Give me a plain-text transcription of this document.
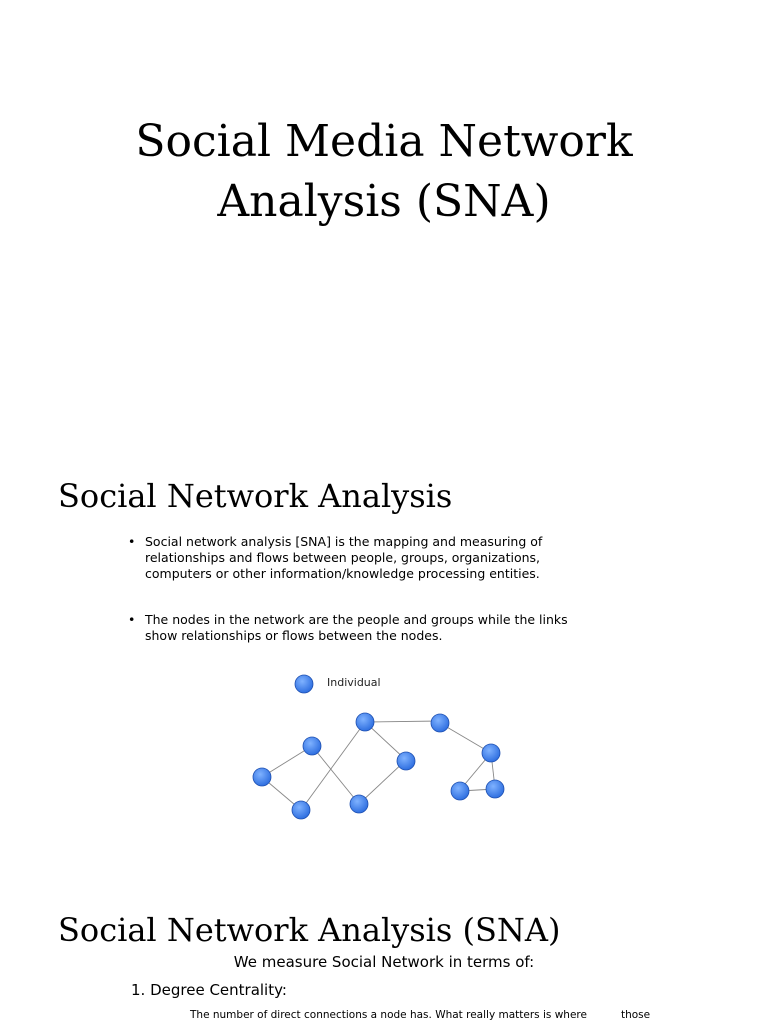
Social Media Network
Analysis (SNA)
Social Network Analysis
• Social network analysis [SNA] is the mapping and measuring of relationships and flows between people, groups, organizations, computers or other information/knowledge processing entities.
• The nodes in the network are the people and groups while the links show relationships or flows between the nodes.
Individual
Social Network Analysis (SNA)

We measure Social Network in terms of:

1. Degree Centrality:

The number of direct connections a node has. What really matters is where	those
